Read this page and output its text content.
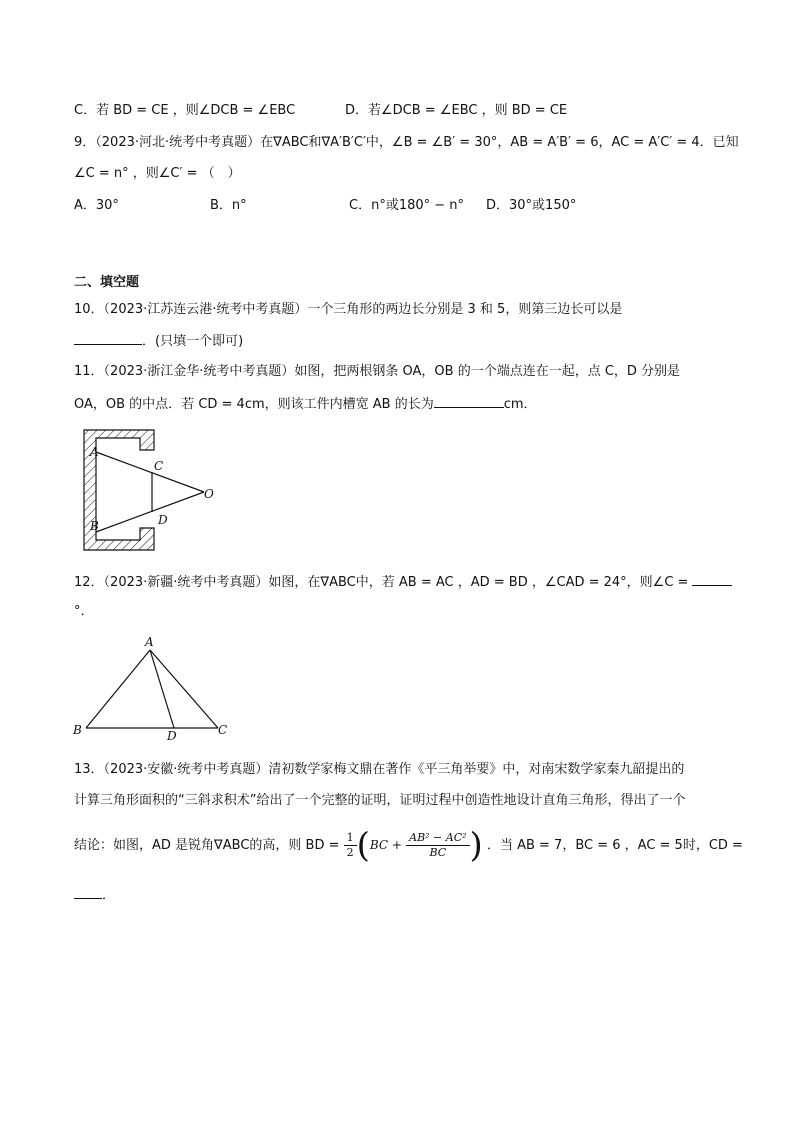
C．若 BD = CE ，则∠DCB = ∠EBC	D．若∠DCB = ∠EBC ，则 BD = CE
9．（2023·河北·统考中考真题）在∇ABC和∇A′B′C′中，∠B = ∠B′ = 30°，AB = A′B′ = 6，AC = A′C′ = 4．已知
∠C = n° ，则∠C′ = （　）
A．30°	B．n°	C．n°或180° − n° D．30°或150°
二、填空题
10．（2023·江苏连云港·统考中考真题）一个三角形的两边长分别是 3 和 5，则第三边长可以是
．(只填一个即可)
11．（2023·浙江金华·统考中考真题）如图，把两根钢条 OA，OB 的一个端点连在一起，点 C，D 分别是
OA，OB 的中点．若 CD = 4cm，则该工件内槽宽 AB 的长为	cm．
A
B
C
D
O
12．（2023·新疆·统考中考真题）如图，在∇ABC中，若 AB = AC ，AD = BD ，∠CAD = 24°，则∠C =
°．
A
B	C
D
13．（2023·安徽·统考中考真题）清初数学家梅文鼎在著作《平三角举要》中，对南宋数学家秦九韶提出的
计算三角形面积的“三斜求积术”给出了一个完整的证明，证明过程中创造性地设计直角三角形，得出了一个
结论：如图，AD 是锐角∇ABC的高，则 BD = $\frac{1}{2} (BC + \frac{\text{AB² − AC²}}{BC}$ ) ．当 AB = 7，BC = 6 ，AC = 5时，CD =
．
